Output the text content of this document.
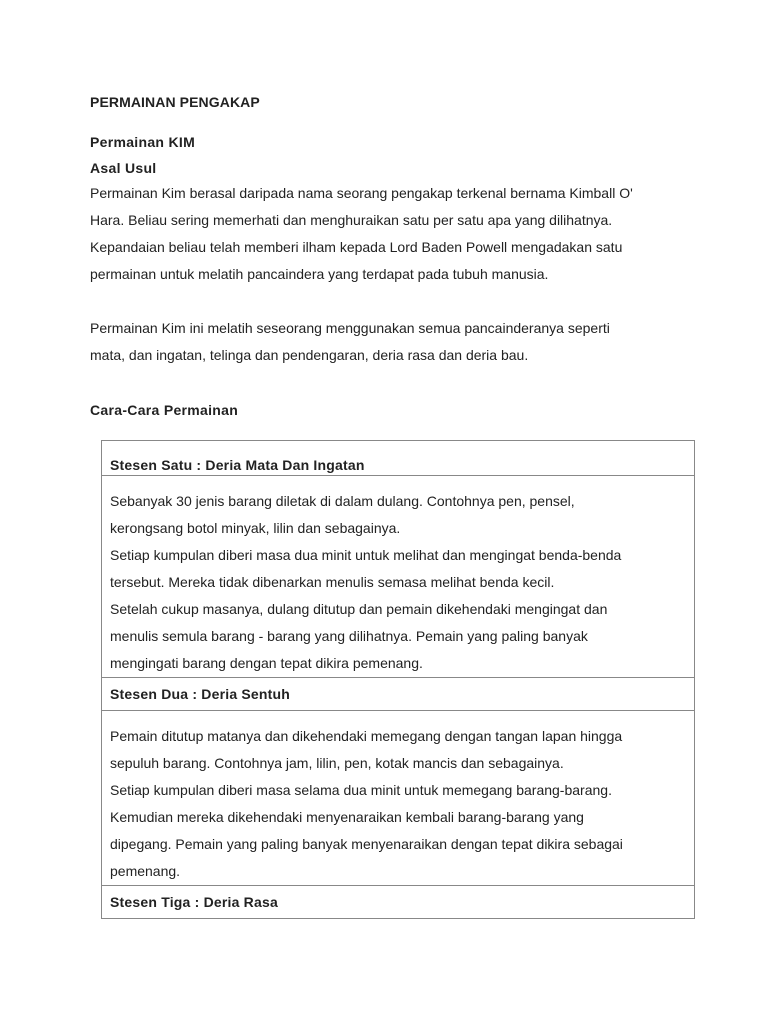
PERMAINAN PENGAKAP
Permainan KIM
Asal Usul

Permainan Kim berasal daripada nama seorang pengakap terkenal bernama Kimball O'
Hara. Beliau sering memerhati dan menghuraikan satu per satu apa yang dilihatnya.
Kepandaian beliau telah memberi ilham kepada Lord Baden Powell mengadakan satu
permainan untuk melatih pancaindera yang terdapat pada tubuh manusia.

Permainan Kim ini melatih seseorang menggunakan semua pancainderanya seperti
mata, dan ingatan, telinga dan pendengaran, deria rasa dan deria bau.

Cara-Cara Permainan
Stesen Satu : Deria Mata Dan Ingatan

Sebanyak 30 jenis barang diletak di dalam dulang. Contohnya pen, pensel,
kerongsang botol minyak, lilin dan sebagainya.
Setiap kumpulan diberi masa dua minit untuk melihat dan mengingat benda-benda
tersebut. Mereka tidak dibenarkan menulis semasa melihat benda kecil.
Setelah cukup masanya, dulang ditutup dan pemain dikehendaki mengingat dan
menulis semula barang - barang yang dilihatnya. Pemain yang paling banyak
mengingati barang dengan tepat dikira pemenang.

Stesen Dua : Deria Sentuh

Pemain ditutup matanya dan dikehendaki memegang dengan tangan lapan hingga
sepuluh barang. Contohnya jam, lilin, pen, kotak mancis dan sebagainya.
Setiap kumpulan diberi masa selama dua minit untuk memegang barang-barang.
Kemudian mereka dikehendaki menyenaraikan kembali barang-barang yang
dipegang. Pemain yang paling banyak menyenaraikan dengan tepat dikira sebagai
pemenang.

Stesen Tiga : Deria Rasa
